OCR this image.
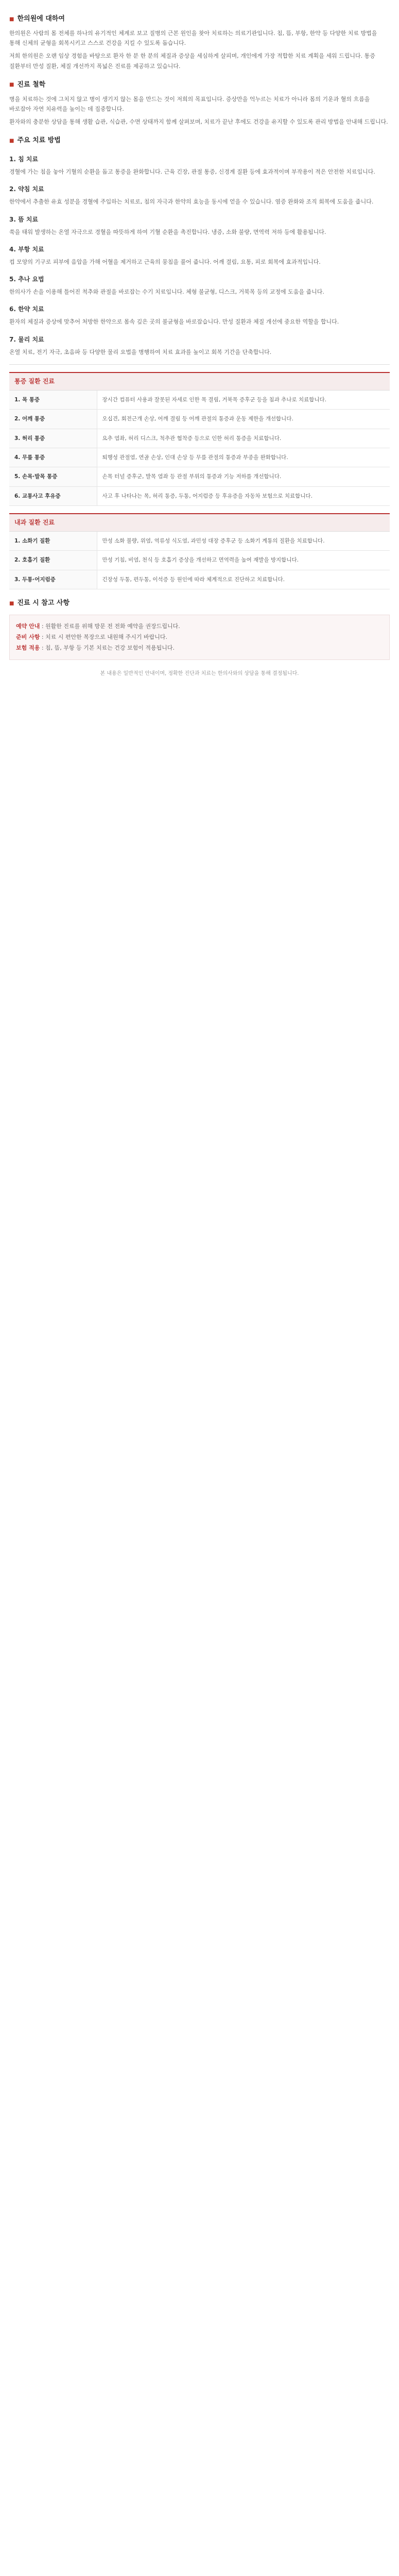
■ 한의원에 대하여

한의원은 사람의 몸 전체를 하나의 유기적인 체계로 보고 질병의 근본 원인을 찾아 치료하는 의료기관입니다. 침, 뜸, 부항, 한약 등 다양한 치료 방법을 통해 신체의 균형을 회복시키고 스스로 건강을 지킬 수 있도록 돕습니다.

저희 한의원은 오랜 임상 경험을 바탕으로 환자 한 분 한 분의 체질과 증상을 세심하게 살피며, 개인에게 가장 적합한 치료 계획을 세워 드립니다. 통증 질환부터 만성 질환, 체질 개선까지 폭넓은 진료를 제공하고 있습니다.

■ 진료 철학

병을 치료하는 것에 그치지 않고 병이 생기지 않는 몸을 만드는 것이 저희의 목표입니다. 증상만을 억누르는 치료가 아니라 몸의 기운과 혈의 흐름을 바로잡아 자연 치유력을 높이는 데 집중합니다.

환자와의 충분한 상담을 통해 생활 습관, 식습관, 수면 상태까지 함께 살펴보며, 치료가 끝난 후에도 건강을 유지할 수 있도록 관리 방법을 안내해 드립니다.

■ 주요 치료 방법
1. 침 치료

경혈에 가는 침을 놓아 기혈의 순환을 돕고 통증을 완화합니다. 근육 긴장, 관절 통증, 신경계 질환 등에 효과적이며 부작용이 적은 안전한 치료입니다.

2. 약침 치료

한약에서 추출한 유효 성분을 경혈에 주입하는 치료로, 침의 자극과 한약의 효능을 동시에 얻을 수 있습니다. 염증 완화와 조직 회복에 도움을 줍니다.

3. 뜸 치료

쑥을 태워 발생하는 온열 자극으로 경혈을 따뜻하게 하여 기혈 순환을 촉진합니다. 냉증, 소화 불량, 면역력 저하 등에 활용됩니다.

4. 부항 치료

컵 모양의 기구로 피부에 음압을 가해 어혈을 제거하고 근육의 뭉침을 풀어 줍니다. 어깨 결림, 요통, 피로 회복에 효과적입니다.

5. 추나 요법

한의사가 손을 이용해 틀어진 척추와 관절을 바로잡는 수기 치료입니다. 체형 불균형, 디스크, 거북목 등의 교정에 도움을 줍니다.

6. 한약 치료

환자의 체질과 증상에 맞추어 처방한 한약으로 몸속 깊은 곳의 불균형을 바로잡습니다. 만성 질환과 체질 개선에 중요한 역할을 합니다.

7. 물리 치료

온열 치료, 전기 자극, 초음파 등 다양한 물리 요법을 병행하여 치료 효과를 높이고 회복 기간을 단축합니다.

통증 질환 진료
1. 목 통증	장시간 컴퓨터 사용과 잘못된 자세로 인한 목 결림, 거북목 증후군 등을 침과 추나로 치료합니다.
2. 어깨 통증	오십견, 회전근개 손상, 어깨 결림 등 어깨 관절의 통증과 운동 제한을 개선합니다.
3. 허리 통증	요추 염좌, 허리 디스크, 척추관 협착증 등으로 인한 허리 통증을 치료합니다.
4. 무릎 통증	퇴행성 관절염, 연골 손상, 인대 손상 등 무릎 관절의 통증과 부종을 완화합니다.
5. 손목·발목 통증	손목 터널 증후군, 발목 염좌 등 관절 부위의 통증과 기능 저하를 개선합니다.
6. 교통사고 후유증	사고 후 나타나는 목, 허리 통증, 두통, 어지럼증 등 후유증을 자동차 보험으로 치료합니다.
내과 질환 진료
1. 소화기 질환	만성 소화 불량, 위염, 역류성 식도염, 과민성 대장 증후군 등 소화기 계통의 질환을 치료합니다.
2. 호흡기 질환	만성 기침, 비염, 천식 등 호흡기 증상을 개선하고 면역력을 높여 재발을 방지합니다.
3. 두통·어지럼증	긴장성 두통, 편두통, 이석증 등 원인에 따라 체계적으로 진단하고 치료합니다.
■ 진료 시 참고 사항
예약 안내 : 원활한 진료를 위해 방문 전 전화 예약을 권장드립니다.
준비 사항 : 치료 시 편안한 복장으로 내원해 주시기 바랍니다.
보험 적용 : 침, 뜸, 부항 등 기본 치료는 건강 보험이 적용됩니다.
본 내용은 일반적인 안내이며, 정확한 진단과 치료는 한의사와의 상담을 통해 결정됩니다.
